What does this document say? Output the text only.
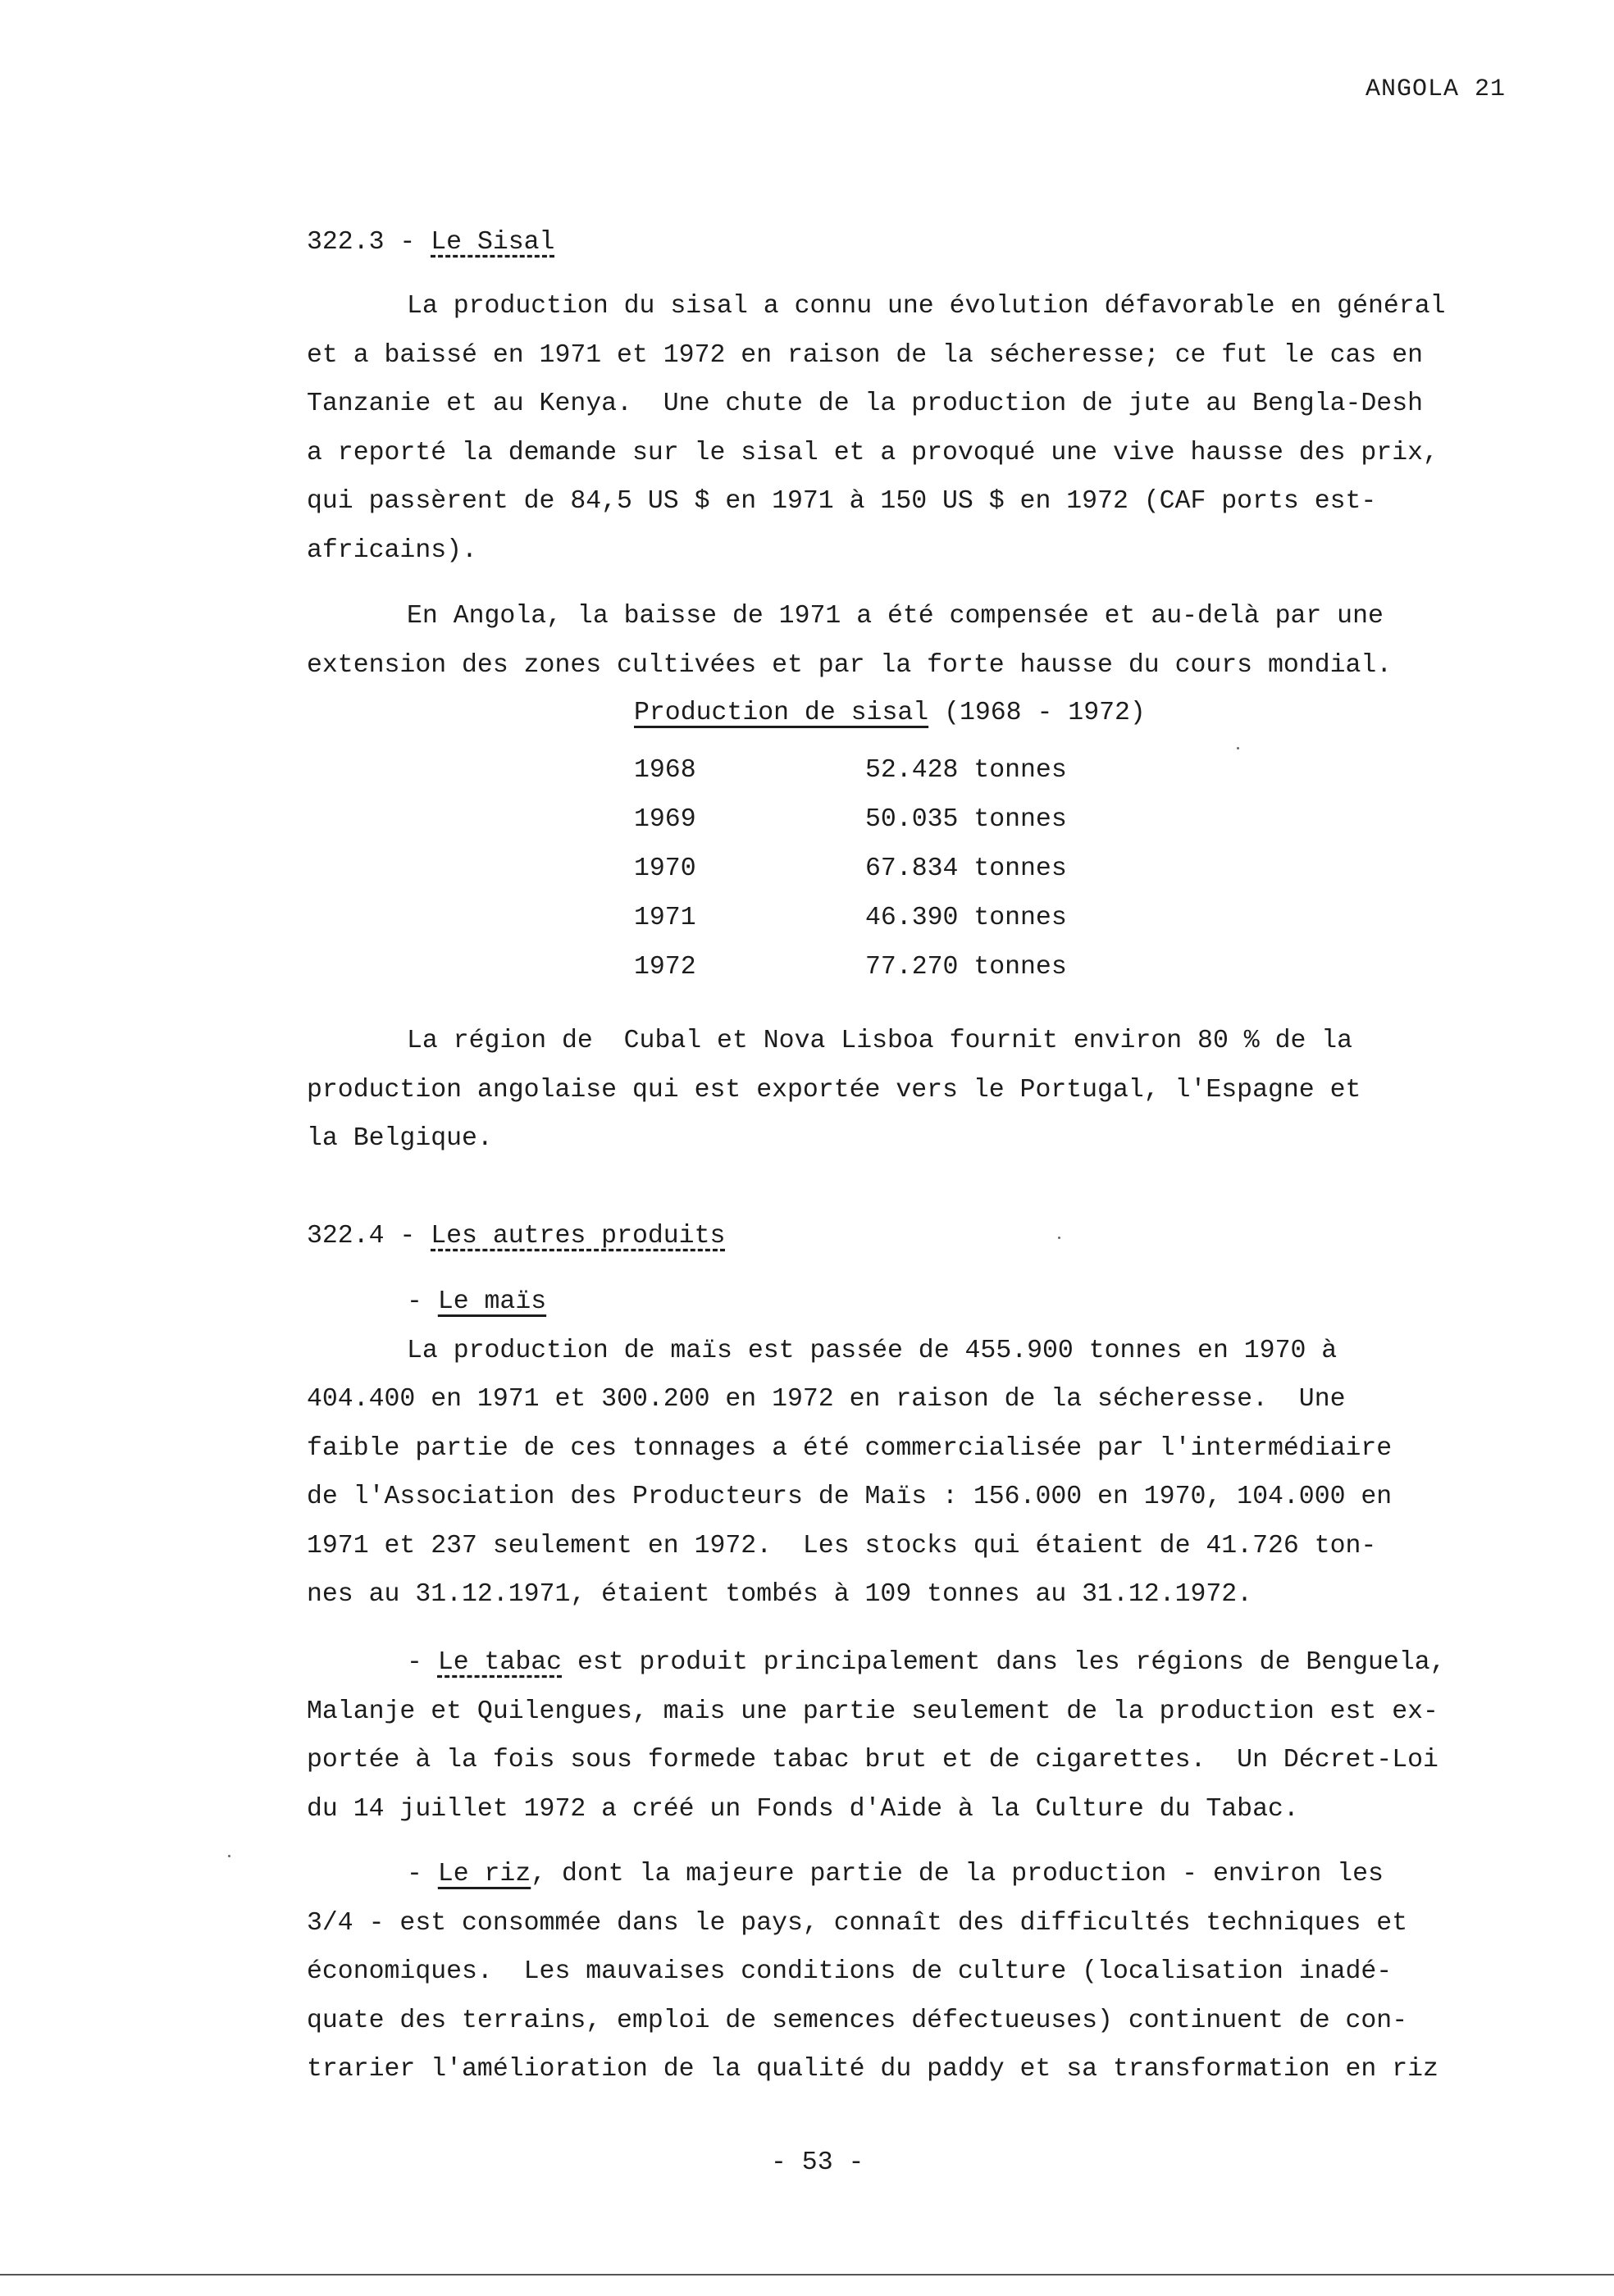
ANGOLA 21
322.3 - Le Sisal
La production du sisal a connu une évolution défavorable en général
et a baissé en 1971 et 1972 en raison de la sécheresse; ce fut le cas en
Tanzanie et au Kenya.  Une chute de la production de jute au Bengla-Desh
a reporté la demande sur le sisal et a provoqué une vive hausse des prix,
qui passèrent de 84,5 US $ en 1971 à 150 US $ en 1972 (CAF ports est-
africains).
En Angola, la baisse de 1971 a été compensée et au-delà par une
extension des zones cultivées et par la forte hausse du cours mondial.
Production de sisal (1968 - 1972)
1968	52.428 tonnes
1969	50.035 tonnes
1970	67.834 tonnes
1971	46.390 tonnes
1972	77.270 tonnes
La région de  Cubal et Nova Lisboa fournit environ 80 % de la
production angolaise qui est exportée vers le Portugal, l'Espagne et
la Belgique.
322.4 - Les autres produits
- Le maïs
La production de maïs est passée de 455.900 tonnes en 1970 à
404.400 en 1971 et 300.200 en 1972 en raison de la sécheresse.  Une
faible partie de ces tonnages a été commercialisée par l'intermédiaire
de l'Association des Producteurs de Maïs : 156.000 en 1970, 104.000 en
1971 et 237 seulement en 1972.  Les stocks qui étaient de 41.726 ton-
nes au 31.12.1971, étaient tombés à 109 tonnes au 31.12.1972.
- Le tabac est produit principalement dans les régions de Benguela,
Malanje et Quilengues, mais une partie seulement de la production est ex-
portée à la fois sous formede tabac brut et de cigarettes.  Un Décret-Loi
du 14 juillet 1972 a créé un Fonds d'Aide à la Culture du Tabac.
- Le riz, dont la majeure partie de la production - environ les
3/4 - est consommée dans le pays, connaît des difficultés techniques et
économiques.  Les mauvaises conditions de culture (localisation inadé-
quate des terrains, emploi de semences défectueuses) continuent de con-
trarier l'amélioration de la qualité du paddy et sa transformation en riz
- 53 -
